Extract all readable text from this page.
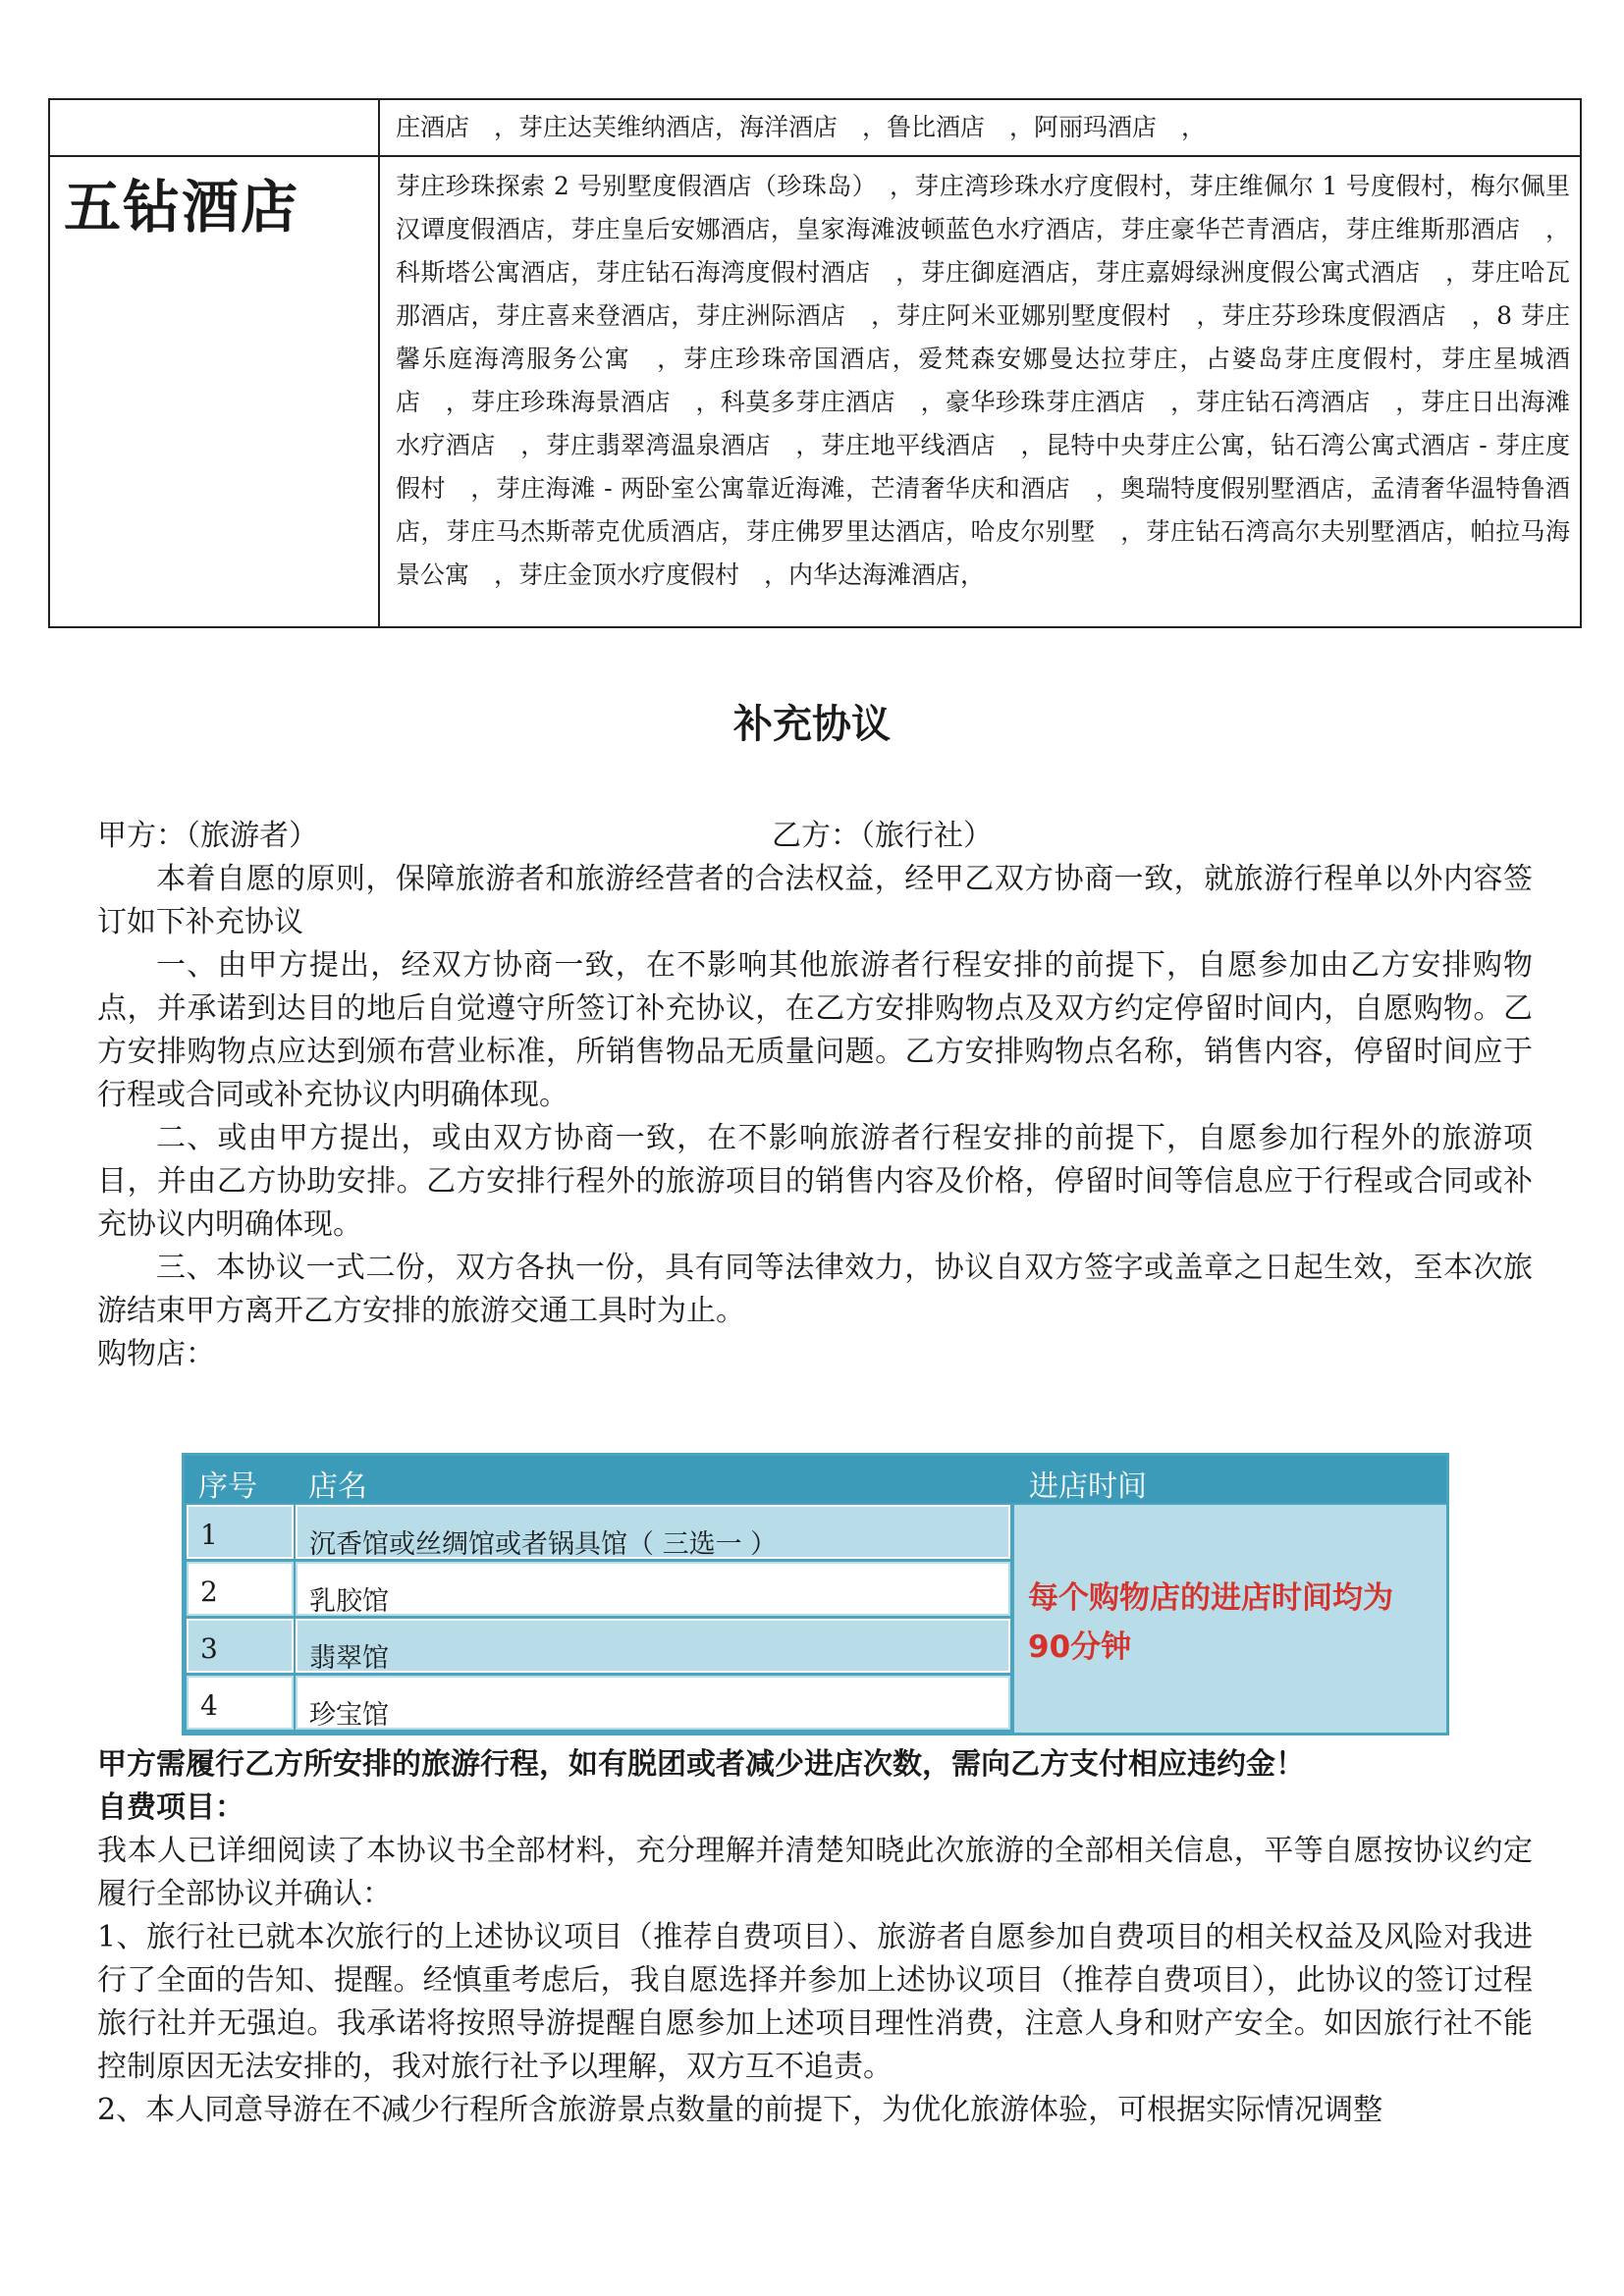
	庄酒店　，芽庄达芙维纳酒店，海洋酒店　，鲁比酒店　，阿丽玛酒店　，
五钻酒店	芽庄珍珠探索 2 号别墅度假酒店（珍珠岛）　，芽庄湾珍珠水疗度假村，芽庄维佩尔 1 号度假村，梅尔佩里汉谭度假酒店，芽庄皇后安娜酒店，皇家海滩波顿蓝色水疗酒店，芽庄豪华芒青酒店，芽庄维斯那酒店　，科斯塔公寓酒店，芽庄钻石海湾度假村酒店　，芽庄御庭酒店，芽庄嘉姆绿洲度假公寓式酒店　，芽庄哈瓦那酒店，芽庄喜来登酒店，芽庄洲际酒店　，芽庄阿米亚娜别墅度假村　，芽庄芬珍珠度假酒店　，8 芽庄馨乐庭海湾服务公寓　，芽庄珍珠帝国酒店，爱梵森安娜曼达拉芽庄，占婆岛芽庄度假村，芽庄星城酒店　，芽庄珍珠海景酒店　，科莫多芽庄酒店　，豪华珍珠芽庄酒店　，芽庄钻石湾酒店　，芽庄日出海滩水疗酒店　，芽庄翡翠湾温泉酒店　，芽庄地平线酒店　，昆特中央芽庄公寓，钻石湾公寓式酒店 - 芽庄度假村　，芽庄海滩 - 两卧室公寓靠近海滩，芒清奢华庆和酒店　，奥瑞特度假别墅酒店，孟清奢华温特鲁酒店，芽庄马杰斯蒂克优质酒店，芽庄佛罗里达酒店，哈皮尔别墅　，芽庄钻石湾高尔夫别墅酒店，帕拉马海景公寓　，芽庄金顶水疗度假村　，内华达海滩酒店，
补充协议
甲方：（旅游者）	乙方：（旅行社）
本着自愿的原则，保障旅游者和旅游经营者的合法权益，经甲乙双方协商一致，就旅游行程单以外内容签订如下补充协议
一、由甲方提出，经双方协商一致，在不影响其他旅游者行程安排的前提下，自愿参加由乙方安排购物点，并承诺到达目的地后自觉遵守所签订补充协议，在乙方安排购物点及双方约定停留时间内，自愿购物。乙方安排购物点应达到颁布营业标准，所销售物品无质量问题。乙方安排购物点名称，销售内容，停留时间应于行程或合同或补充协议内明确体现。
二、或由甲方提出，或由双方协商一致，在不影响旅游者行程安排的前提下，自愿参加行程外的旅游项目，并由乙方协助安排。乙方安排行程外的旅游项目的销售内容及价格，停留时间等信息应于行程或合同或补充协议内明确体现。
三、本协议一式二份，双方各执一份，具有同等法律效力，协议自双方签字或盖章之日起生效，至本次旅游结束甲方离开乙方安排的旅游交通工具时为止。
购物店：
序号 店名	进店时间
1	沉香馆或丝绸馆或者锅具馆（ 三选一 ）
2	乳胶馆
3	翡翠馆
4	珍宝馆
每个购物店的进店时间均为
90分钟
甲方需履行乙方所安排的旅游行程，如有脱团或者减少进店次数，需向乙方支付相应违约金！
自费项目：
我本人已详细阅读了本协议书全部材料，充分理解并清楚知晓此次旅游的全部相关信息，平等自愿按协议约定履行全部协议并确认：
1、旅行社已就本次旅行的上述协议项目（推荐自费项目）、旅游者自愿参加自费项目的相关权益及风险对我进行了全面的告知、提醒。经慎重考虑后，我自愿选择并参加上述协议项目（推荐自费项目），此协议的签订过程旅行社并无强迫。我承诺将按照导游提醒自愿参加上述项目理性消费，注意人身和财产安全。如因旅行社不能控制原因无法安排的，我对旅行社予以理解，双方互不追责。
2、本人同意导游在不减少行程所含旅游景点数量的前提下，为优化旅游体验，可根据实际情况调整
